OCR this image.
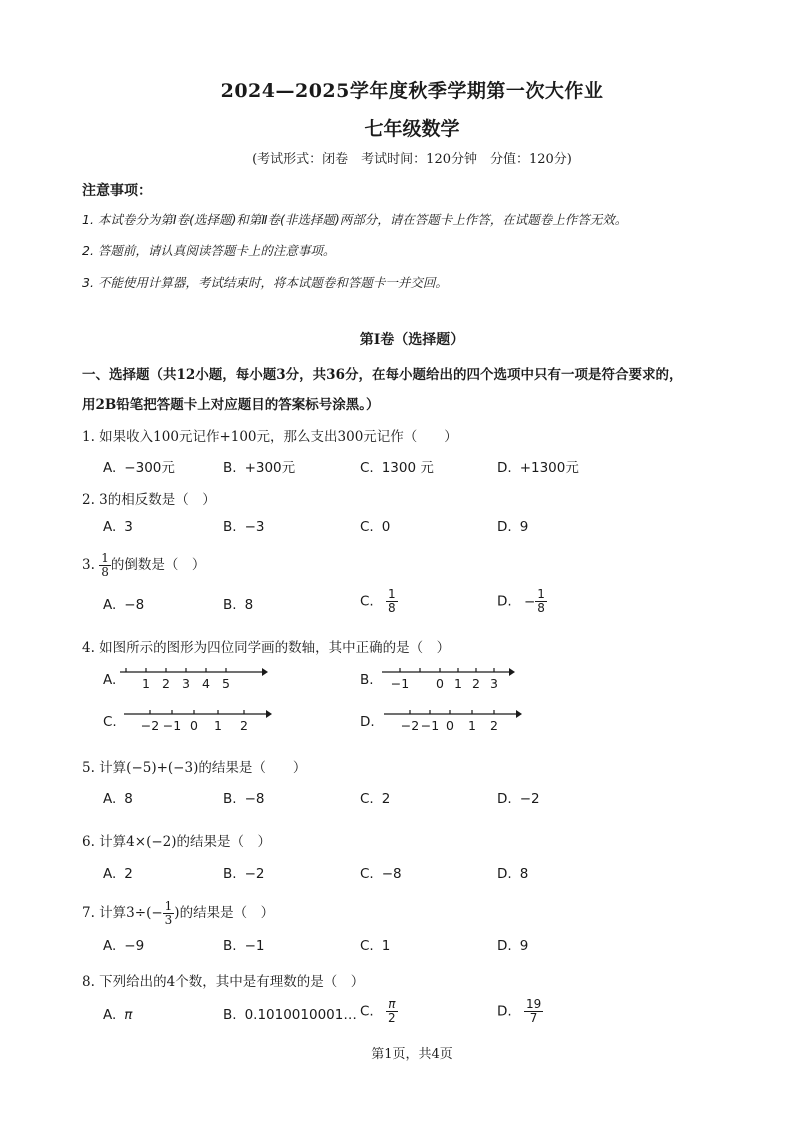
2024—2025学年度秋季学期第一次大作业
七年级数学
(考试形式：闭卷　考试时间：120分钟　分值：120分)
注意事项：
1. 本试卷分为第Ⅰ卷(选择题)和第Ⅱ卷(非选择题)两部分，请在答题卡上作答，在试题卷上作答无效。
2. 答题前，请认真阅读答题卡上的注意事项。
3. 不能使用计算器，考试结束时，将本试题卷和答题卡一并交回。
第Ⅰ卷（选择题）
一、选择题（共12小题，每小题3分，共36分，在每小题给出的四个选项中只有一项是符合要求的，
用2B铅笔把答题卡上对应题目的答案标号涂黑。）
1. 如果收入100元记作+100元，那么支出300元记作（　　）
A. −300元	B. +300元	C. 1300 元	D. +1300元
2. 3的相反数是（　）
A. 3	B. −3	C. 0	D. 9
3. $\frac{1}{8}$ 的倒数是（　）
A. −8	B. 8	C. $\frac{1}{8}$	D. − $\frac{1}{8}$
4. 如图所示的图形为四位同学画的数轴，其中正确的是（　）
A. 1 2 3 4 5	B. −1 0 1 2 3
C. −2 −1 0 1 2	D. −2 −1 0 1 2
5. 计算(−5)+(−3)的结果是（　　）
A. 8	B. −8	C. 2	D. −2
6. 计算4×(−2)的结果是（　）
A. 2	B. −2	C. −8	D. 8
7. 计算$3\div(- \frac{1}{3}$ )的结果是（　）
A. −9	B. −1	C. 1	D. 9
8. 下列给出的4个数，其中是有理数的是（　）
A. π	B. 0.1010010001… C. $\frac{\pi}{2}$	D. $\frac{19}{7}$
第1页，共4页
